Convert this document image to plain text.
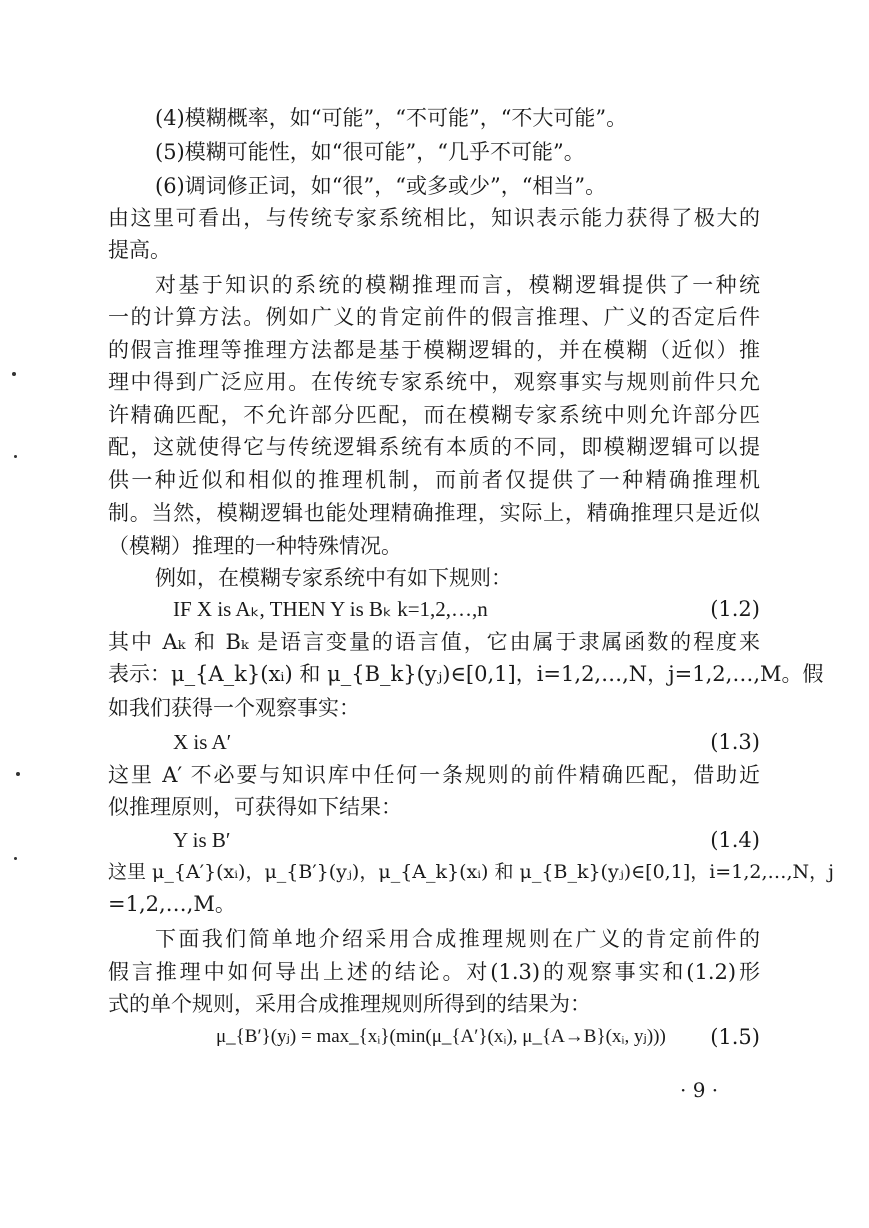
(4)模糊概率，如“可能”，“不可能”，“不大可能”。
(5)模糊可能性，如“很可能”，“几乎不可能”。
(6)调词修正词，如“很”，“或多或少”，“相当”。
由这里可看出，与传统专家系统相比，知识表示能力获得了极大的
提高。
对基于知识的系统的模糊推理而言，模糊逻辑提供了一种统
一的计算方法。例如广义的肯定前件的假言推理、广义的否定后件
的假言推理等推理方法都是基于模糊逻辑的，并在模糊（近似）推
理中得到广泛应用。在传统专家系统中，观察事实与规则前件只允
许精确匹配，不允许部分匹配，而在模糊专家系统中则允许部分匹
配，这就使得它与传统逻辑系统有本质的不同，即模糊逻辑可以提
供一种近似和相似的推理机制，而前者仅提供了一种精确推理机
制。当然，模糊逻辑也能处理精确推理，实际上，精确推理只是近似
（模糊）推理的一种特殊情况。
例如，在模糊专家系统中有如下规则：
IF X is Aₖ, THEN Y is Bₖ k=1,2,…,n	(1.2)
其中 Aₖ 和 Bₖ 是语言变量的语言值，它由属于隶属函数的程度来
表示：μ_{A_k}(xᵢ) 和 μ_{B_k}(yⱼ)∈[0,1]，i=1,2,…,N，j=1,2,…,M。假
如我们获得一个观察事实：
X is A′	(1.3)
这里 A′ 不必要与知识库中任何一条规则的前件精确匹配，借助近
似推理原则，可获得如下结果：
Y is B′	(1.4)
这里 μ_{A′}(xᵢ)，μ_{B′}(yⱼ)，μ_{A_k}(xᵢ) 和 μ_{B_k}(yⱼ)∈[0,1]，i=1,2,…,N，j
=1,2,…,M。
下面我们简单地介绍采用合成推理规则在广义的肯定前件的
假言推理中如何导出上述的结论。对(1.3)的观察事实和(1.2)形
式的单个规则，采用合成推理规则所得到的结果为：
μ_{B′}(yⱼ) = max_{xᵢ}(min(μ_{A′}(xᵢ), μ_{A→B}(xᵢ, yⱼ))) (1.5)
· 9 ·
